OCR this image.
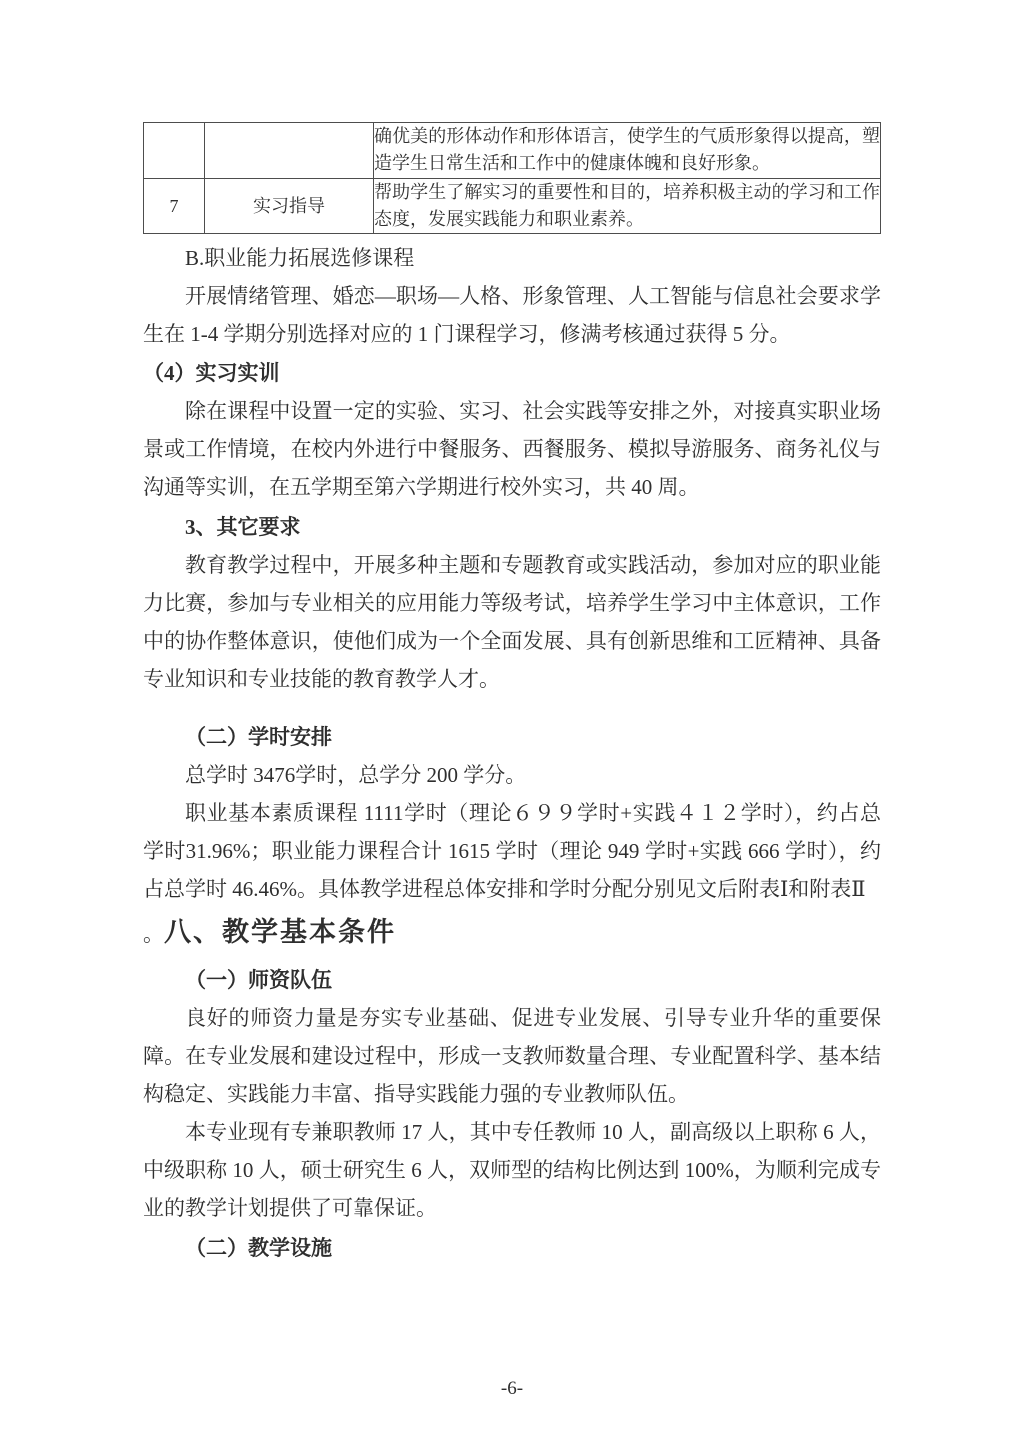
		确优美的形体动作和形体语言，使学生的气质形象得以提高，塑造学生日常生活和工作中的健康体魄和良好形象。
7	实习指导	帮助学生了解实习的重要性和目的，培养积极主动的学习和工作态度，发展实践能力和职业素养。

B.职业能力拓展选修课程

开展情绪管理、婚恋—职场—人格、形象管理、人工智能与信息社会要求学生在 1-4 学期分别选择对应的 1 门课程学习，修满考核通过获得 5 分。

（4）实习实训

除在课程中设置一定的实验、实习、社会实践等安排之外，对接真实职业场景或工作情境，在校内外进行中餐服务、西餐服务、模拟导游服务、商务礼仪与沟通等实训，在五学期至第六学期进行校外实习，共 40 周。

3、其它要求

教育教学过程中，开展多种主题和专题教育或实践活动，参加对应的职业能力比赛，参加与专业相关的应用能力等级考试，培养学生学习中主体意识，工作中的协作整体意识，使他们成为一个全面发展、具有创新思维和工匠精神、具备专业知识和专业技能的教育教学人才。

（二）学时安排

总学时 3476学时，总学分 200 学分。

职业基本素质课程 1111学时（理论６９９学时+实践４１２学时），约占总学时31.96%；职业能力课程合计 1615 学时（理论 949 学时+实践 666 学时），约占总学时 46.46%。具体教学进程总体安排和学时分配分别见文后附表Ⅰ和附表Ⅱ

。八、教学基本条件

（一）师资队伍

良好的师资力量是夯实专业基础、促进专业发展、引导专业升华的重要保障。在专业发展和建设过程中，形成一支教师数量合理、专业配置科学、基本结构稳定、实践能力丰富、指导实践能力强的专业教师队伍。

本专业现有专兼职教师 17 人，其中专任教师 10 人，副高级以上职称 6 人，中级职称 10 人，硕士研究生 6 人，双师型的结构比例达到 100%，为顺利完成专业的教学计划提供了可靠保证。

（二）教学设施

-6-
